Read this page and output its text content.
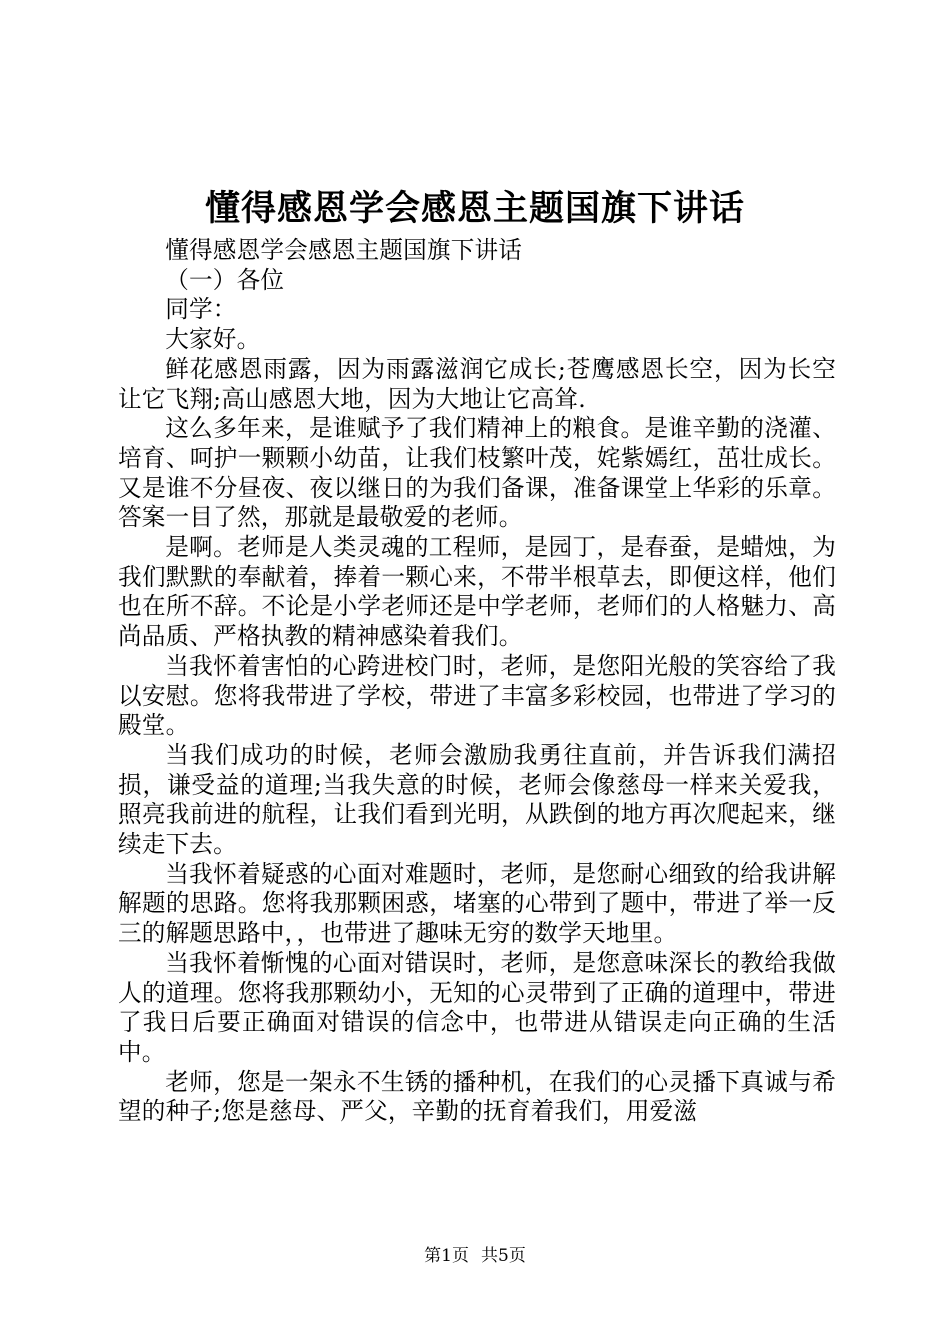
懂得感恩学会感恩主题国旗下讲话

懂得感恩学会感恩主题国旗下讲话

（一）各位

同学：

大家好。

鲜花感恩雨露，因为雨露滋润它成长;苍鹰感恩长空，因为长空让它飞翔;高山感恩大地，因为大地让它高耸.

这么多年来，是谁赋予了我们精神上的粮食。是谁辛勤的浇灌、培育、呵护一颗颗小幼苗，让我们枝繁叶茂，姹紫嫣红，茁壮成长。又是谁不分昼夜、夜以继日的为我们备课，准备课堂上华彩的乐章。答案一目了然，那就是最敬爱的老师。

是啊。老师是人类灵魂的工程师，是园丁，是春蚕，是蜡烛，为我们默默的奉献着，捧着一颗心来，不带半根草去，即便这样，他们也在所不辞。不论是小学老师还是中学老师，老师们的人格魅力、高尚品质、严格执教的精神感染着我们。

当我怀着害怕的心跨进校门时，老师，是您阳光般的笑容给了我以安慰。您将我带进了学校，带进了丰富多彩校园，也带进了学习的殿堂。

当我们成功的时候，老师会激励我勇往直前，并告诉我们满招损，谦受益的道理;当我失意的时候，老师会像慈母一样来关爱我，照亮我前进的航程，让我们看到光明，从跌倒的地方再次爬起来，继续走下去。

当我怀着疑惑的心面对难题时，老师，是您耐心细致的给我讲解解题的思路。您将我那颗困惑，堵塞的心带到了题中，带进了举一反三的解题思路中，，也带进了趣味无穷的数学天地里。

当我怀着惭愧的心面对错误时，老师，是您意味深长的教给我做人的道理。您将我那颗幼小，无知的心灵带到了正确的道理中，带进了我日后要正确面对错误的信念中，也带进从错误走向正确的生活中。

老师，您是一架永不生锈的播种机，在我们的心灵播下真诚与希望的种子;您是慈母、严父，辛勤的抚育着我们，用爱滋

第1页 共5页
